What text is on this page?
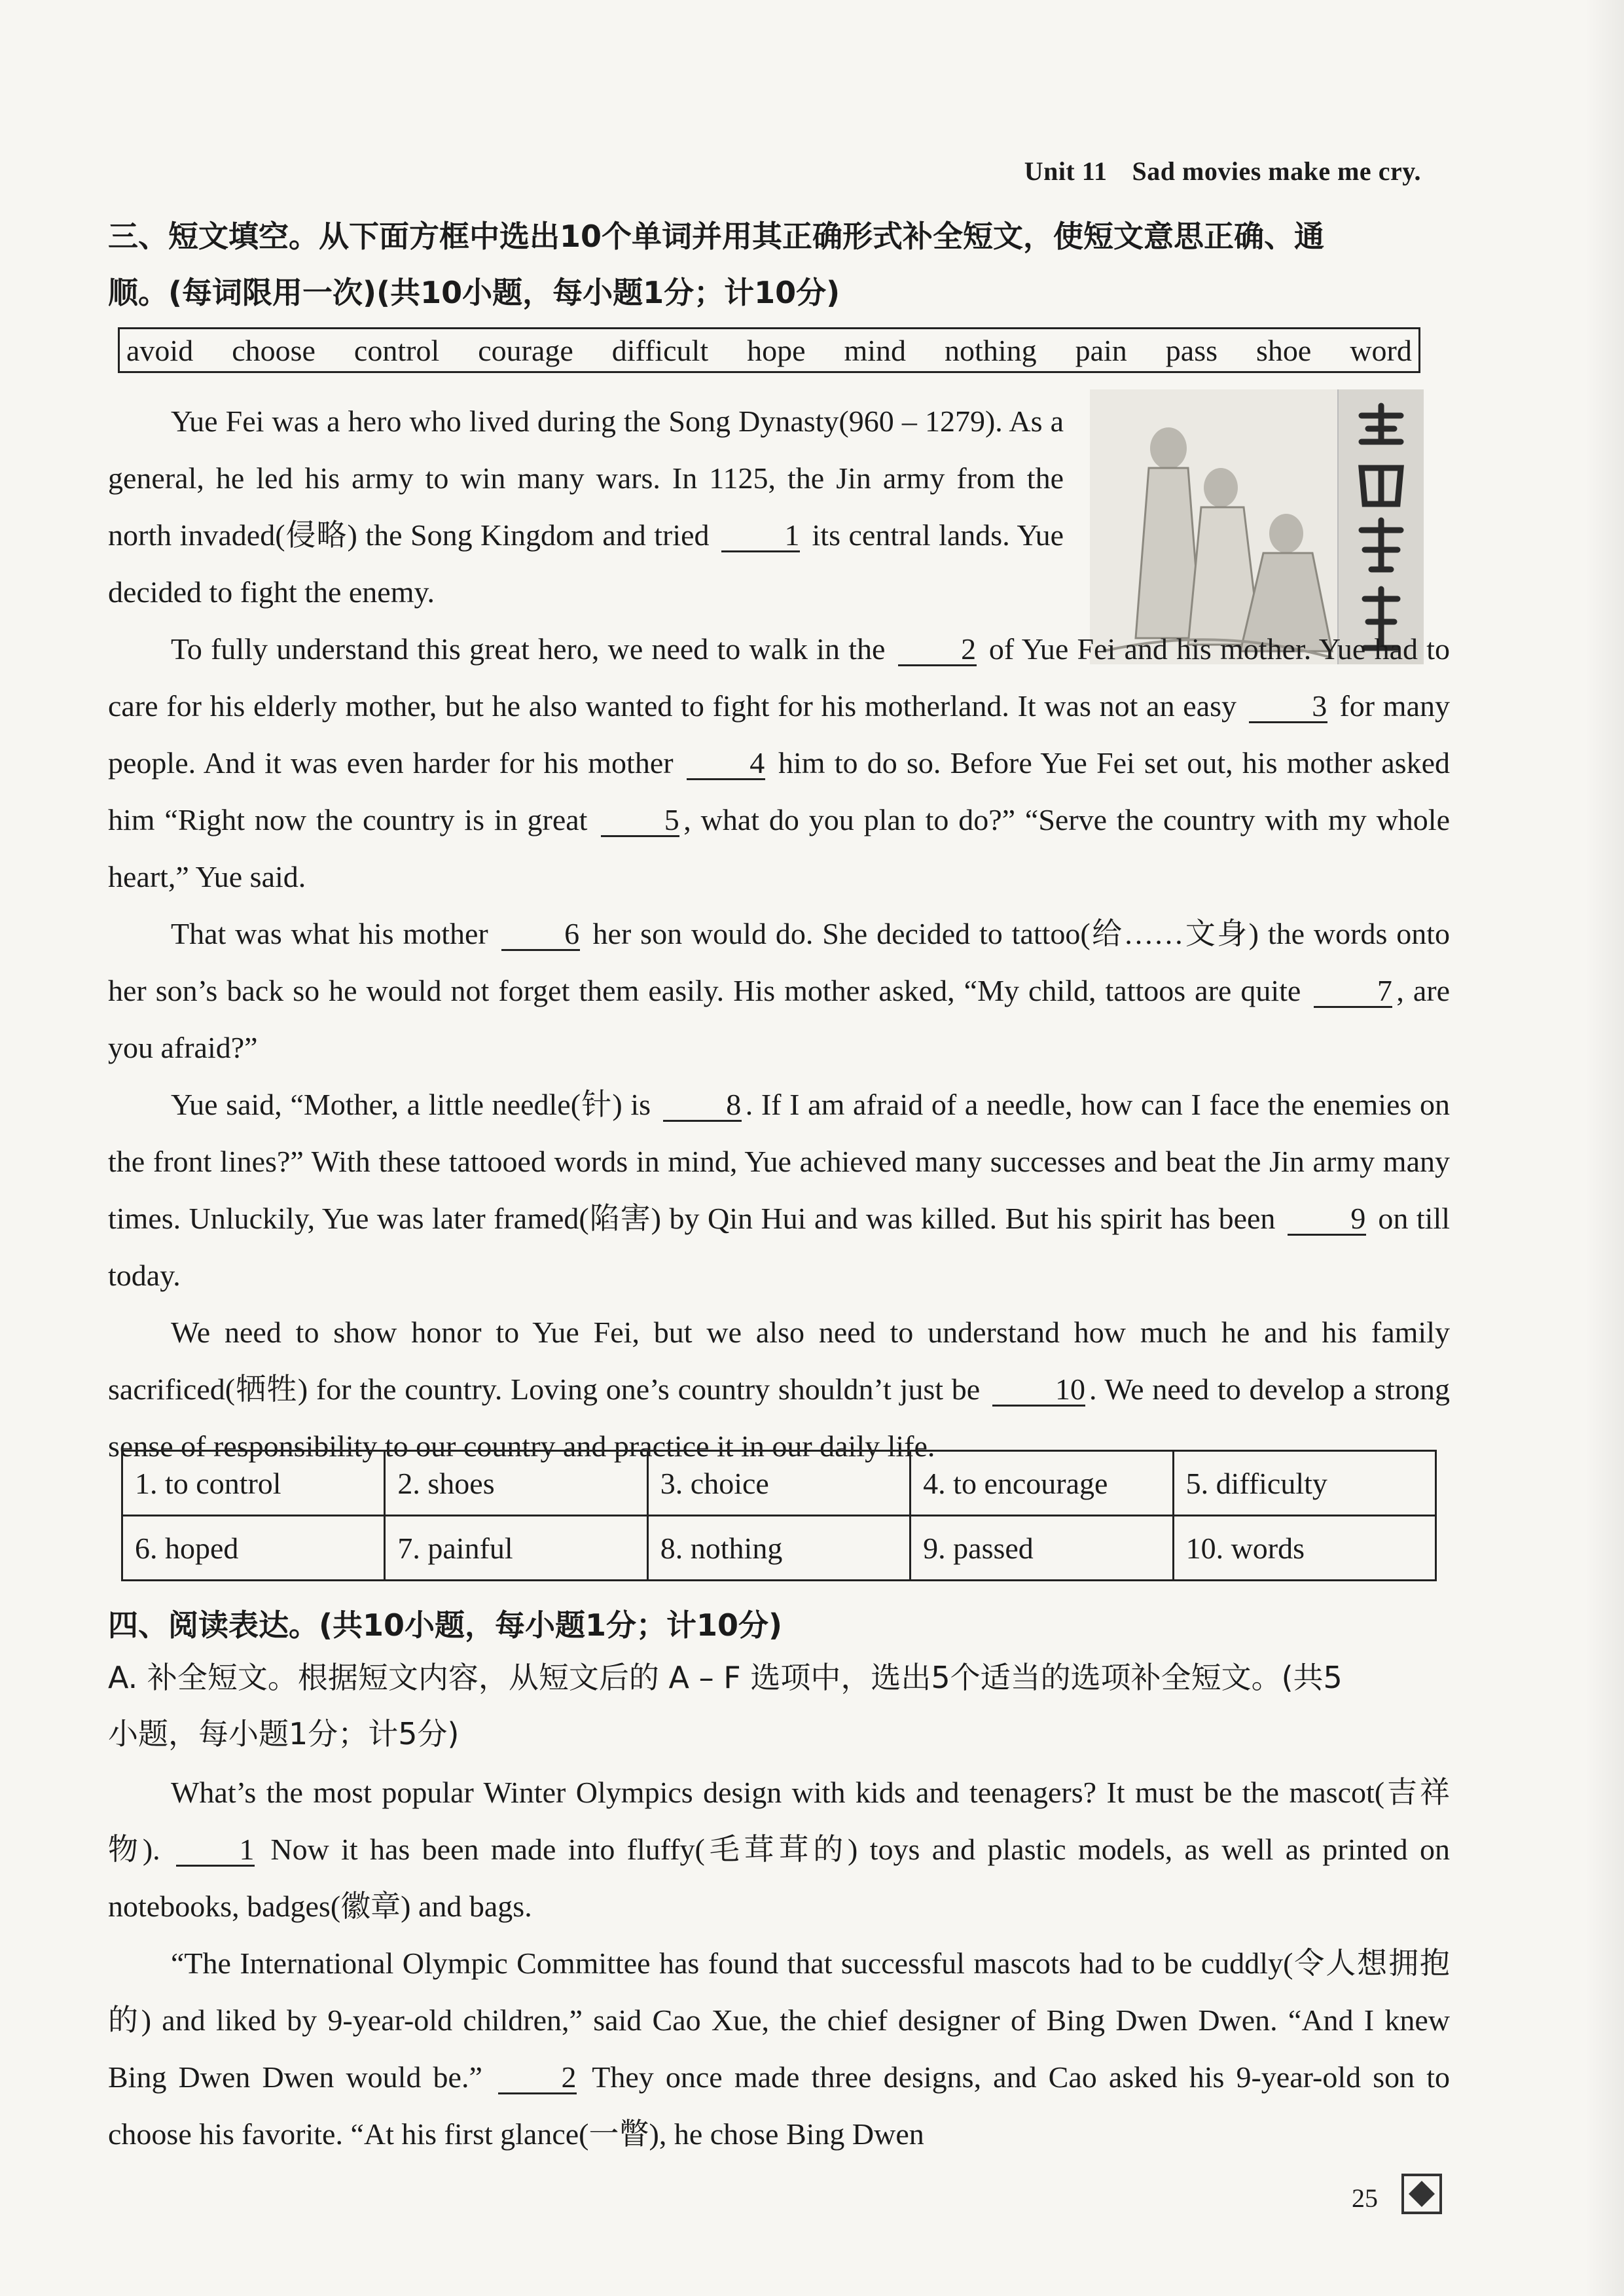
Unit 11 Sad movies make me cry.
三、短文填空。从下面方框中选出10个单词并用其正确形式补全短文，使短文意思正确、通
顺。(每词限用一次)(共10小题，每小题1分；计10分)
avoid choose control courage difficult hope mind nothing pain pass shoe word

Yue Fei was a hero who lived during the Song Dynasty(960 – 1279). As a general, he led his army to win many wars. In 1125, the Jin army from the north invaded(侵略) the Song Kingdom and tried	1 its central lands. Yue decided to fight the enemy.

To fully understand this great hero, we need to walk in the	2 of Yue Fei and his mother. Yue had to care for his elderly mother, but he also wanted to fight for his motherland. It was not an easy	3 for many people. And it was even harder for his mother	4 him to do so. Before Yue Fei set out, his mother asked him “Right now the country is in great	5 , what do you plan to do?” “Serve the country with my whole heart,” Yue said.

That was what his mother	6 her son would do. She decided to tattoo(给……文身) the words onto her son’s back so he would not forget them easily. His mother asked, “My child, tattoos are quite	7 , are you afraid?”

Yue said, “Mother, a little needle(针) is	8 . If I am afraid of a needle, how can I face the enemies on the front lines?” With these tattooed words in mind, Yue achieved many successes and beat the Jin army many times. Unluckily, Yue was later framed(陷害) by Qin Hui and was killed. But his spirit has been	9 on till today.

We need to show honor to Yue Fei, but we also need to understand how much he and his family sacrificed(牺牲) for the country. Loving one’s country shouldn’t just be 10 . We need to develop a strong sense of responsibility to our country and practice it in our daily life.

1. to control	2. shoes	3. choice	4. to encourage	5. difficulty
6. hoped	7. painful	8. nothing	9. passed	10. words
四、阅读表达。(共10小题，每小题1分；计10分)
A. 补全短文。根据短文内容，从短文后的 A – F 选项中，选出5个适当的选项补全短文。(共5
小题，每小题1分；计5分)

What’s the most popular Winter Olympics design with kids and teenagers? It must be the mascot(吉祥物).	1 Now it has been made into fluffy(毛茸茸的) toys and plastic models, as well as printed on notebooks, badges(徽章) and bags.

“The International Olympic Committee has found that successful mascots had to be cuddly(令人想拥抱的) and liked by 9-year-old children,” said Cao Xue, the chief designer of Bing Dwen Dwen. “And I knew Bing Dwen Dwen would be.”	2 They once made three designs, and Cao asked his 9-year-old son to choose his favorite. “At his first glance(一瞥), he chose Bing Dwen

25
